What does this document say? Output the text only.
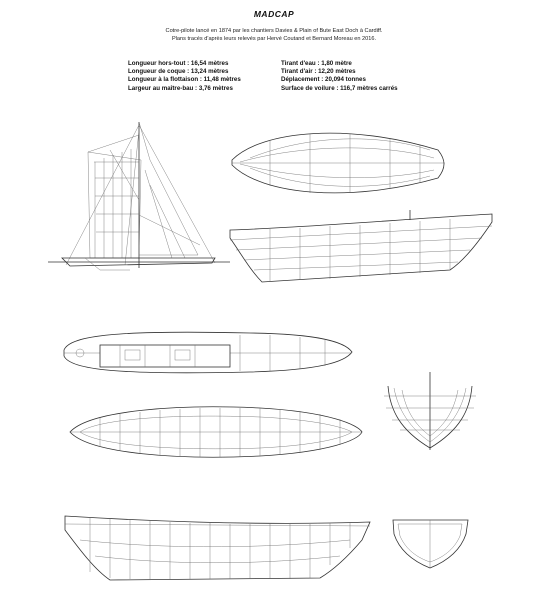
MADCAP
Cotre-pilote lancé en 1874 par les chantiers Davies & Plain of Bute East Doch à Cardiff.
Plans tracés d'après leurs relevés par Hervé Coutand et Bernard Moreau en 2016.
Longueur hors-tout : 16,54 mètres
Longueur de coque : 13,24 mètres
Longueur à la flottaison : 11,48 mètres
Largeur au maître-bau : 3,76 mètres
Tirant d'eau : 1,80 mètre
Tirant d'air : 12,20 mètres
Déplacement : 20,094 tonnes
Surface de voilure : 116,7 mètres carrés
